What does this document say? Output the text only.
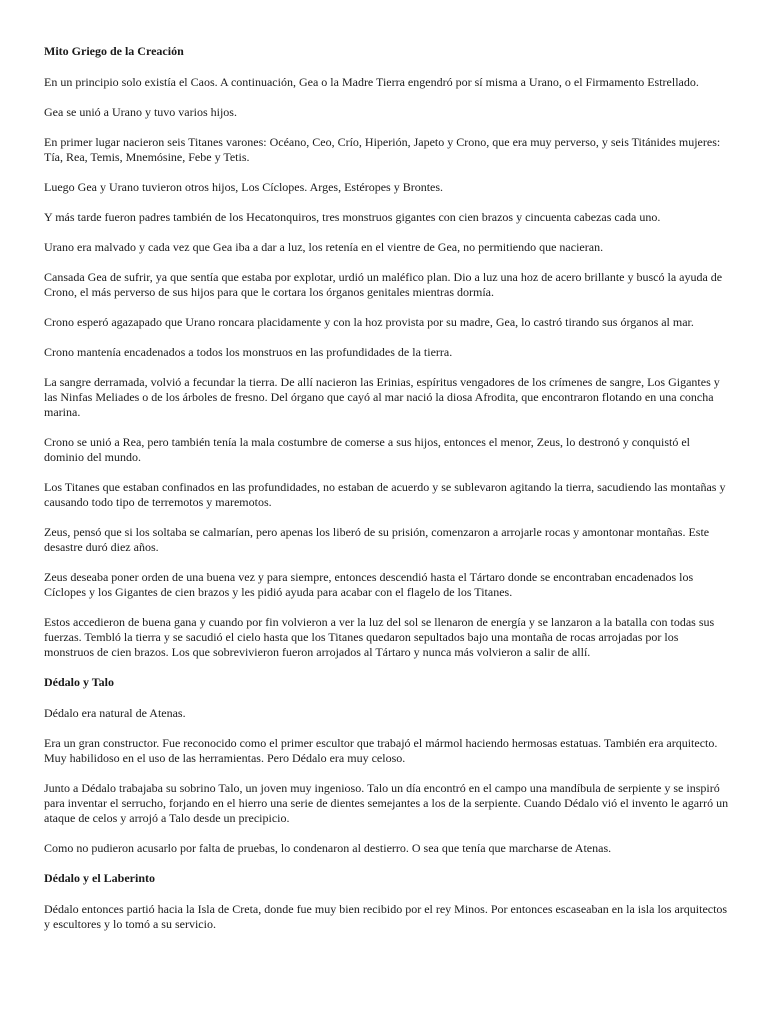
Mito Griego de la Creación
En un principio solo existía el Caos. A continuación, Gea o la Madre Tierra engendró por sí misma a Urano, o el Firmamento Estrellado.
Gea se unió a Urano y tuvo varios hijos.
En primer lugar nacieron seis Titanes varones: Océano, Ceo, Crío, Hiperión, Japeto y Crono, que era muy perverso, y seis Titánides mujeres: Tía, Rea, Temis, Mnemósine, Febe y Tetis.
Luego Gea y Urano tuvieron otros hijos, Los Cíclopes. Arges, Estéropes y Brontes.
Y más tarde fueron padres también de los Hecatonquiros, tres monstruos gigantes con cien brazos y cincuenta cabezas cada uno.
Urano era malvado y cada vez que Gea iba a dar a luz, los retenía en el vientre de Gea, no permitiendo que nacieran.
Cansada Gea de sufrir, ya que sentía que estaba por explotar, urdió un maléfico plan. Dio a luz una hoz de acero brillante y buscó la ayuda de Crono, el más perverso de sus hijos para que le cortara los órganos genitales mientras dormía.
Crono esperó agazapado que Urano roncara placidamente y con la hoz provista por su madre, Gea, lo castró tirando sus órganos al mar.
Crono mantenía encadenados a todos los monstruos en las profundidades de la tierra.
La sangre derramada, volvió a fecundar la tierra. De allí nacieron las Erinias, espíritus vengadores de los crímenes de sangre, Los Gigantes y las Ninfas Meliades o de los árboles de fresno. Del órgano que cayó al mar nació la diosa Afrodita, que encontraron flotando en una concha marina.
Crono se unió a Rea, pero también tenía la mala costumbre de comerse a sus hijos, entonces el menor, Zeus, lo destronó y conquistó el dominio del mundo.
Los Titanes que estaban confinados en las profundidades, no estaban de acuerdo y se sublevaron agitando la tierra, sacudiendo las montañas y causando todo tipo de terremotos y maremotos.
Zeus, pensó que si los soltaba se calmarían, pero apenas los liberó de su prisión, comenzaron a arrojarle rocas y amontonar montañas. Este desastre duró diez años.
Zeus deseaba poner orden de una buena vez y para siempre, entonces descendió hasta el Tártaro donde se encontraban encadenados los Cíclopes y los Gigantes de cien brazos y les pidió ayuda para acabar con el flagelo de los Titanes.
Estos accedieron de buena gana y cuando por fin volvieron a ver la luz del sol se llenaron de energía y se lanzaron a la batalla con todas sus fuerzas. Tembló la tierra y se sacudió el cielo hasta que los Titanes quedaron sepultados bajo una montaña de rocas arrojadas por los monstruos de cien brazos. Los que sobrevivieron fueron arrojados al Tártaro y nunca más volvieron a salir de allí.
Dédalo y Talo
Dédalo era natural de Atenas.
Era un gran constructor. Fue reconocido como el primer escultor que trabajó el mármol haciendo hermosas estatuas. También era arquitecto. Muy habilidoso en el uso de las herramientas. Pero Dédalo era muy celoso.
Junto a Dédalo trabajaba su sobrino Talo, un joven muy ingenioso. Talo un día encontró en el campo una mandíbula de serpiente y se inspiró para inventar el serrucho, forjando en el hierro una serie de dientes semejantes a los de la serpiente. Cuando Dédalo vió el invento le agarró un ataque de celos y arrojó a Talo desde un precipicio.
Como no pudieron acusarlo por falta de pruebas, lo condenaron al destierro. O sea que tenía que marcharse de Atenas.
Dédalo y el Laberinto
Dédalo entonces partió hacia la Isla de Creta, donde fue muy bien recibido por el rey Minos. Por entonces escaseaban en la isla los arquitectos y escultores y lo tomó a su servicio.
